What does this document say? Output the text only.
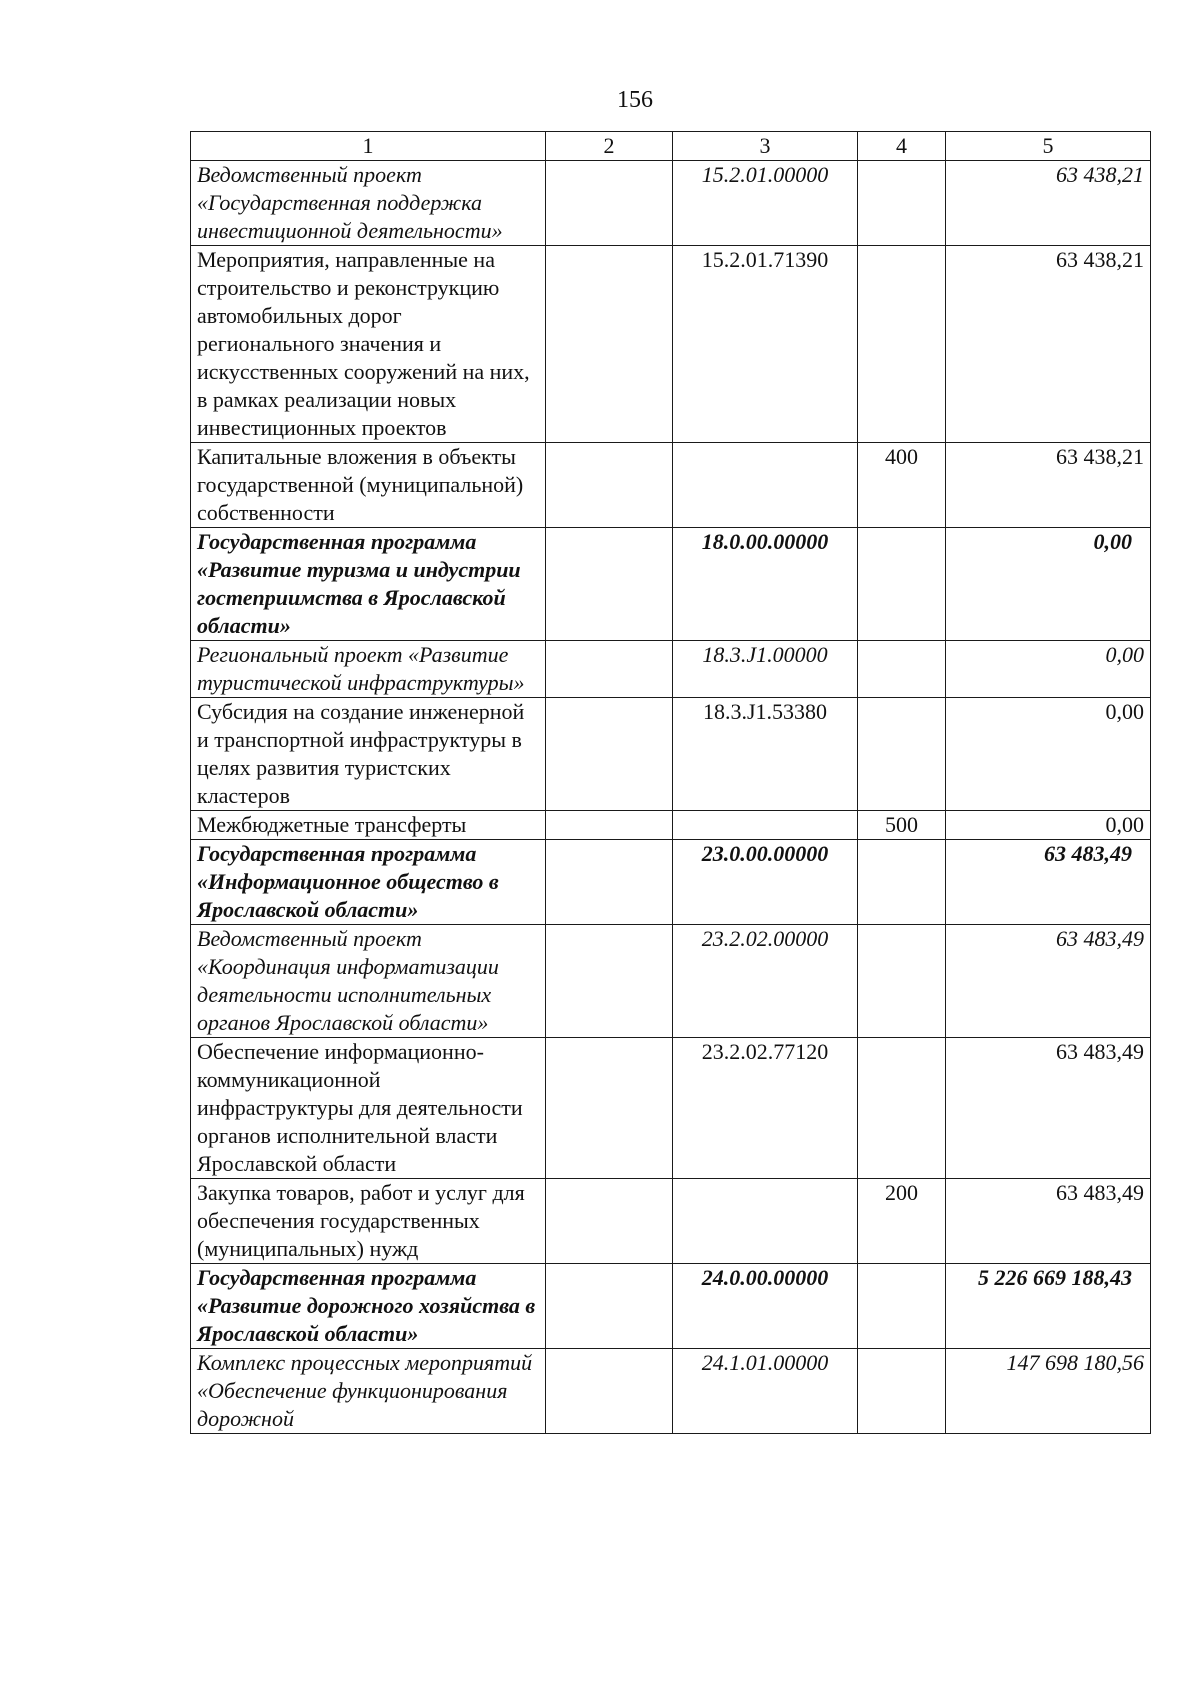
156
1	2	3	4	5
Ведомственный проект «Государственная поддержка инвестиционной деятельности»		15.2.01.00000		63 438,21
Мероприятия, направленные на строительство и реконструкцию автомобильных дорог регионального значения и искусственных сооружений на них, в рамках реализации новых инвестиционных проектов		15.2.01.71390		63 438,21
Капитальные вложения в объекты государственной (муниципальной) собственности			400	63 438,21
Государственная программа «Развитие туризма и индустрии гостеприимства в Ярославской области»		18.0.00.00000		0,00
Региональный проект «Развитие туристической инфраструктуры»		18.3.J1.00000		0,00
Субсидия на создание инженерной и транспортной инфраструктуры в целях развития туристских кластеров		18.3.J1.53380		0,00
Межбюджетные трансферты			500	0,00
Государственная программа «Информационное общество в Ярославской области»		23.0.00.00000		63 483,49
Ведомственный проект «Координация информатизации деятельности исполнительных органов Ярославской области»		23.2.02.00000		63 483,49
Обеспечение информационно-коммуникационной инфраструктуры для деятельности органов исполнительной власти Ярославской области		23.2.02.77120		63 483,49
Закупка товаров, работ и услуг для обеспечения государственных (муниципальных) нужд			200	63 483,49
Государственная программа «Развитие дорожного хозяйства в Ярославской области»		24.0.00.00000		5 226 669 188,43
Комплекс процессных мероприятий «Обеспечение функционирования дорожной		24.1.01.00000		147 698 180,56
